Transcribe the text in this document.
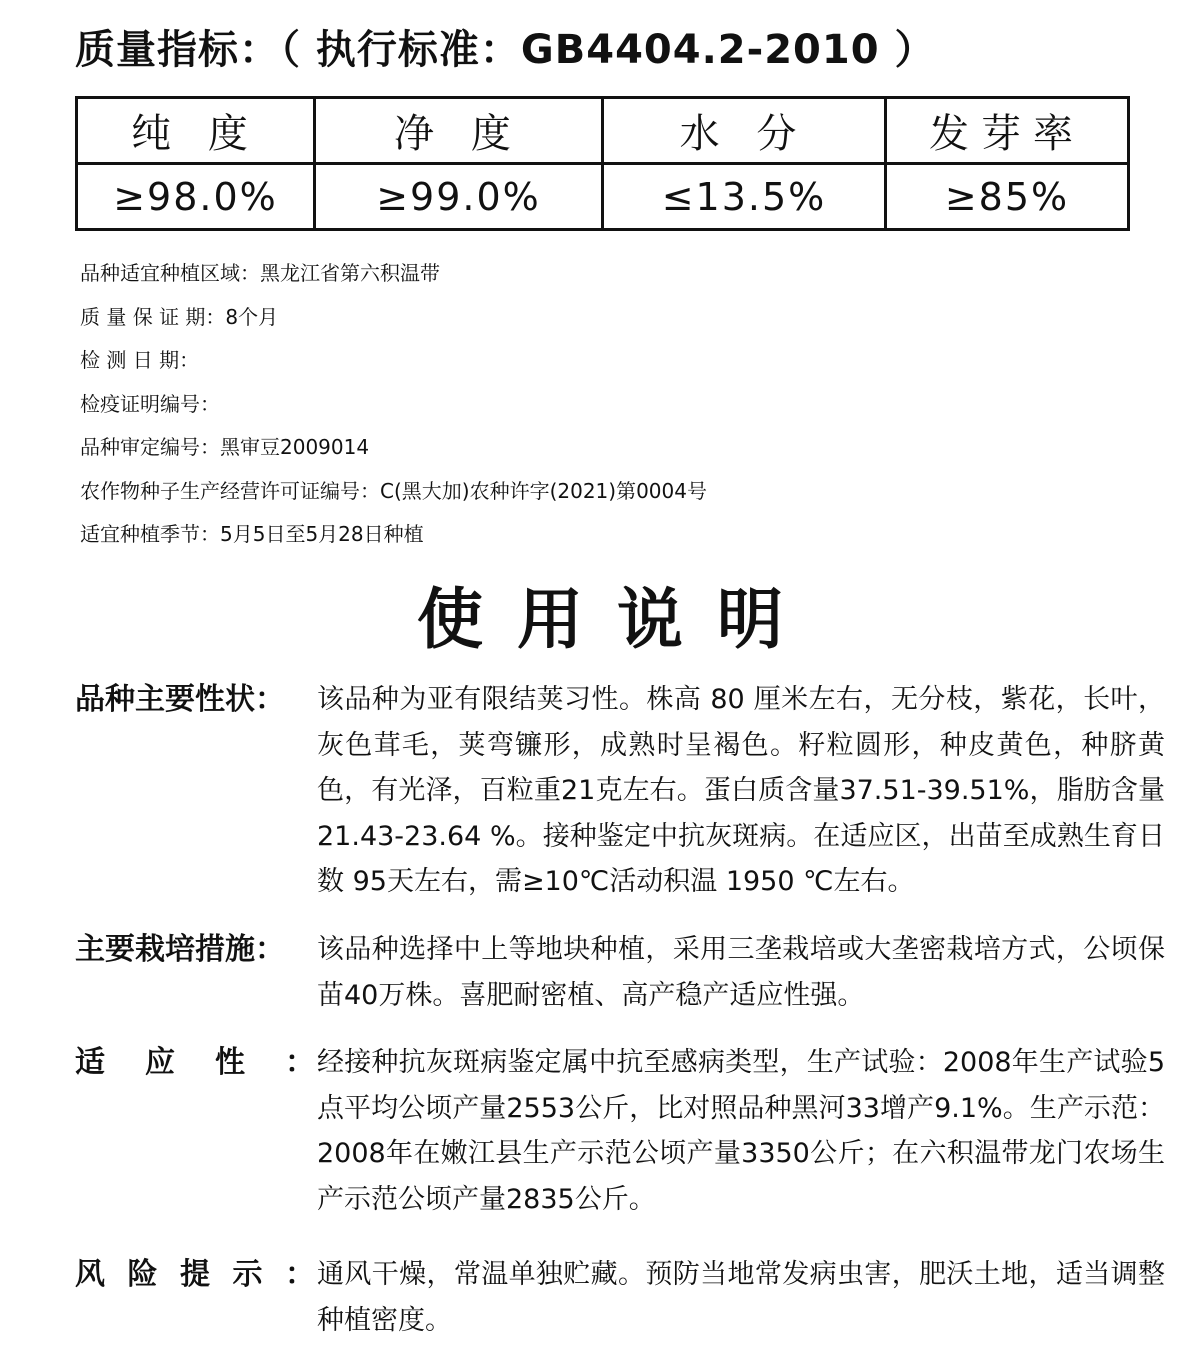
质量指标：（ 执行标准：GB4404.2-2010 ）
纯 度	净 度	水 分	发芽率
≥98.0%	≥99.0%	≤13.5%	≥85%
品种适宜种植区域：黑龙江省第六积温带
质 量 保 证 期：8个月
检 测 日 期：
检疫证明编号：
品种审定编号：黑审豆2009014
农作物种子生产经营许可证编号：C(黑大加)农种许字(2021)第0004号
适宜种植季节：5月5日至5月28日种植
使用说明
品种主要性状：	该品种为亚有限结荚习性。株高 80 厘米左右，无分枝，紫花，长叶，灰色茸毛，荚弯镰形，成熟时呈褐色。籽粒圆形，种皮黄色，种脐黄色，有光泽，百粒重21克左右。蛋白质含量37.51-39.51%，脂肪含量21.43-23.64 %。接种鉴定中抗灰斑病。在适应区，出苗至成熟生育日数 95天左右，需≥10℃活动积温 1950 ℃左右。
主要栽培措施：	该品种选择中上等地块种植，采用三垄栽培或大垄密栽培方式，公顷保苗40万株。喜肥耐密植、高产稳产适应性强。
适 应 性 ： 经接种抗灰斑病鉴定属中抗至感病类型，生产试验：2008年生产试验5点平均公顷产量2553公斤，比对照品种黑河33增产9.1%。生产示范：2008年在嫩江县生产示范公顷产量3350公斤；在六积温带龙门农场生产示范公顷产量2835公斤。
风 险 提 示 ： 通风干燥，常温单独贮藏。预防当地常发病虫害，肥沃土地，适当调整种植密度。
